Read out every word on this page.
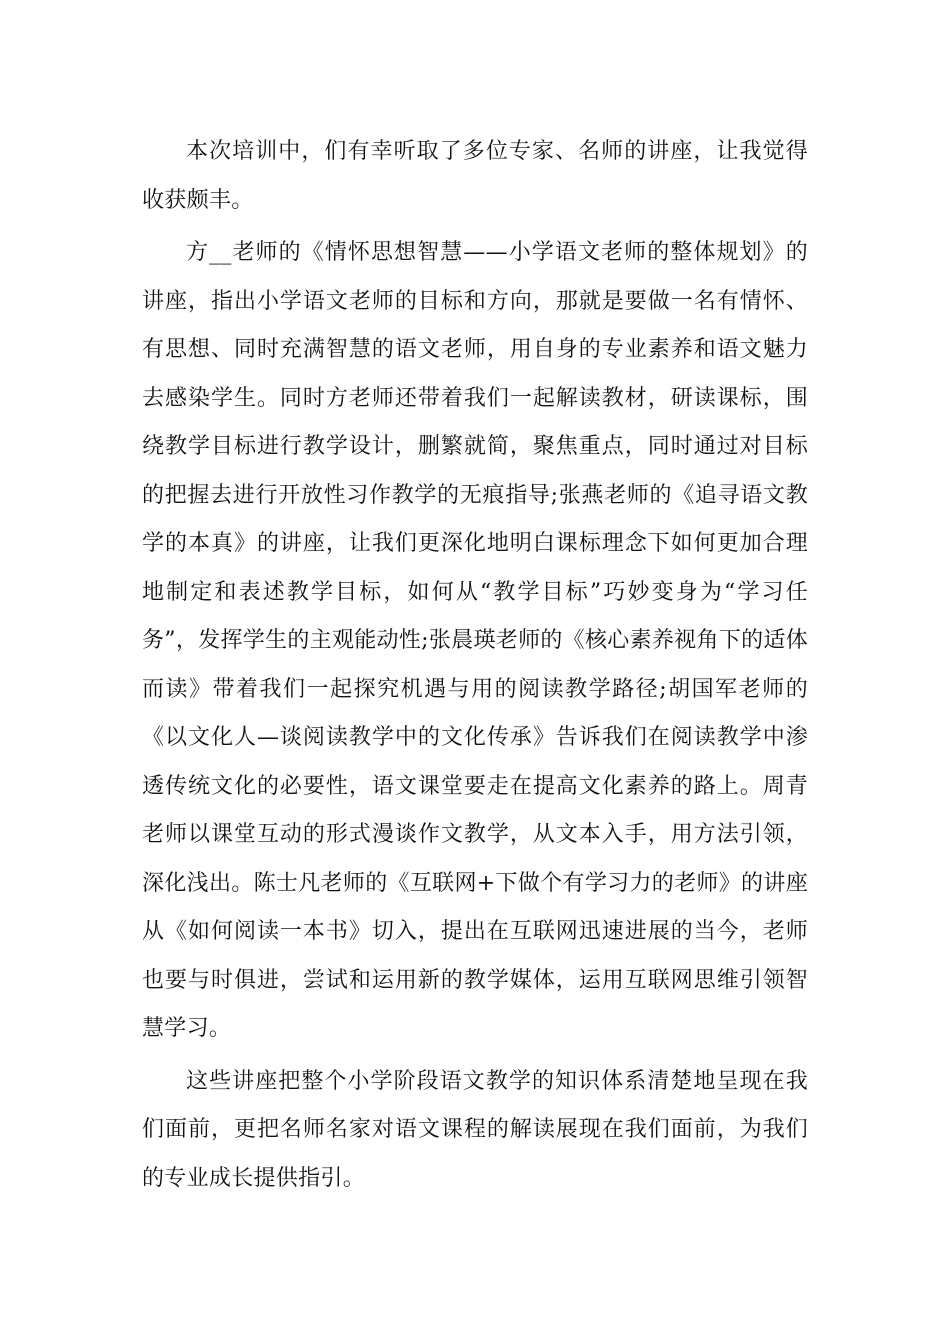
本次培训中，们有幸听取了多位专家、名师的讲座，让我觉得收获颇丰。

方__老师的《情怀思想智慧——小学语文老师的整体规划》的讲座，指出小学语文老师的目标和方向，那就是要做一名有情怀、有思想、同时充满智慧的语文老师，用自身的专业素养和语文魅力去感染学生。同时方老师还带着我们一起解读教材，研读课标，围绕教学目标进行教学设计，删繁就简，聚焦重点，同时通过对目标的把握去进行开放性习作教学的无痕指导;张燕老师的《追寻语文教学的本真》的讲座，让我们更深化地明白课标理念下如何更加合理地制定和表述教学目标，如何从“教学目标”巧妙变身为“学习任务”，发挥学生的主观能动性;张晨瑛老师的《核心素养视角下的适体而读》带着我们一起探究机遇与用的阅读教学路径;胡国军老师的《以文化人—谈阅读教学中的文化传承》告诉我们在阅读教学中渗透传统文化的必要性，语文课堂要走在提高文化素养的路上。周青老师以课堂互动的形式漫谈作文教学，从文本入手，用方法引领，深化浅出。陈士凡老师的《互联网+下做个有学习力的老师》的讲座从《如何阅读一本书》切入，提出在互联网迅速进展的当今，老师也要与时俱进，尝试和运用新的教学媒体，运用互联网思维引领智慧学习。

这些讲座把整个小学阶段语文教学的知识体系清楚地呈现在我们面前，更把名师名家对语文课程的解读展现在我们面前，为我们的专业成长提供指引。
